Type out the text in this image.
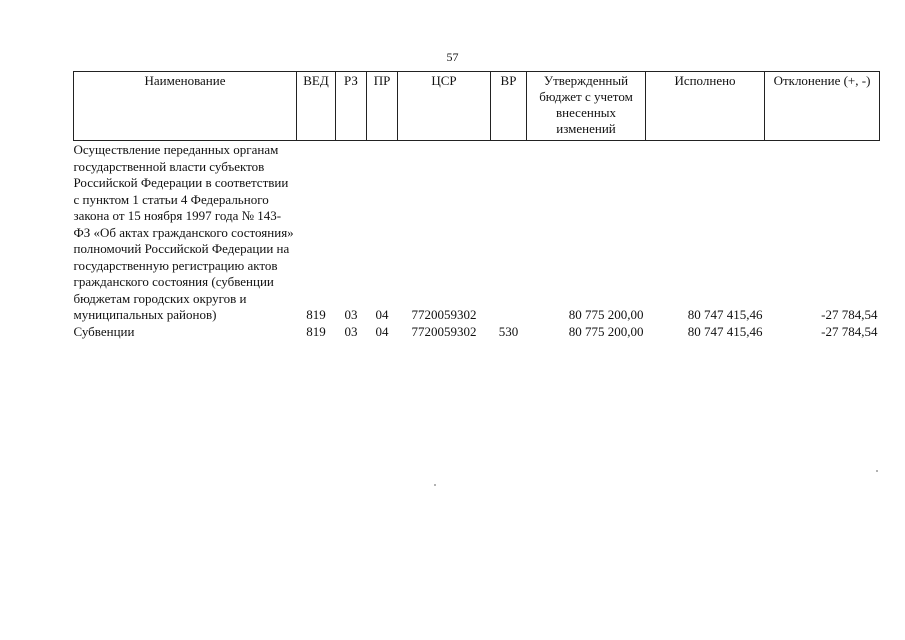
57
Наименование	ВЕД	РЗ	ПР	ЦСР	ВР	Утвержденный бюджет с учетом внесенных изменений	Исполнено	Отклонение (+, -)
Осуществление переданных органам государственной власти субъектов Российской Федерации в соответствии с пунктом 1 статьи 4 Федерального закона от 15 ноября 1997 года № 143-ФЗ «Об актах гражданского состояния» полномочий Российской Федерации на государственную регистрацию актов гражданского состояния (субвенции бюджетам городских округов и муниципальных районов)	819	03	04	7720059302		80 775 200,00	80 747 415,46	-27 784,54
Субвенции	819	03	04	7720059302	530	80 775 200,00	80 747 415,46	-27 784,54
